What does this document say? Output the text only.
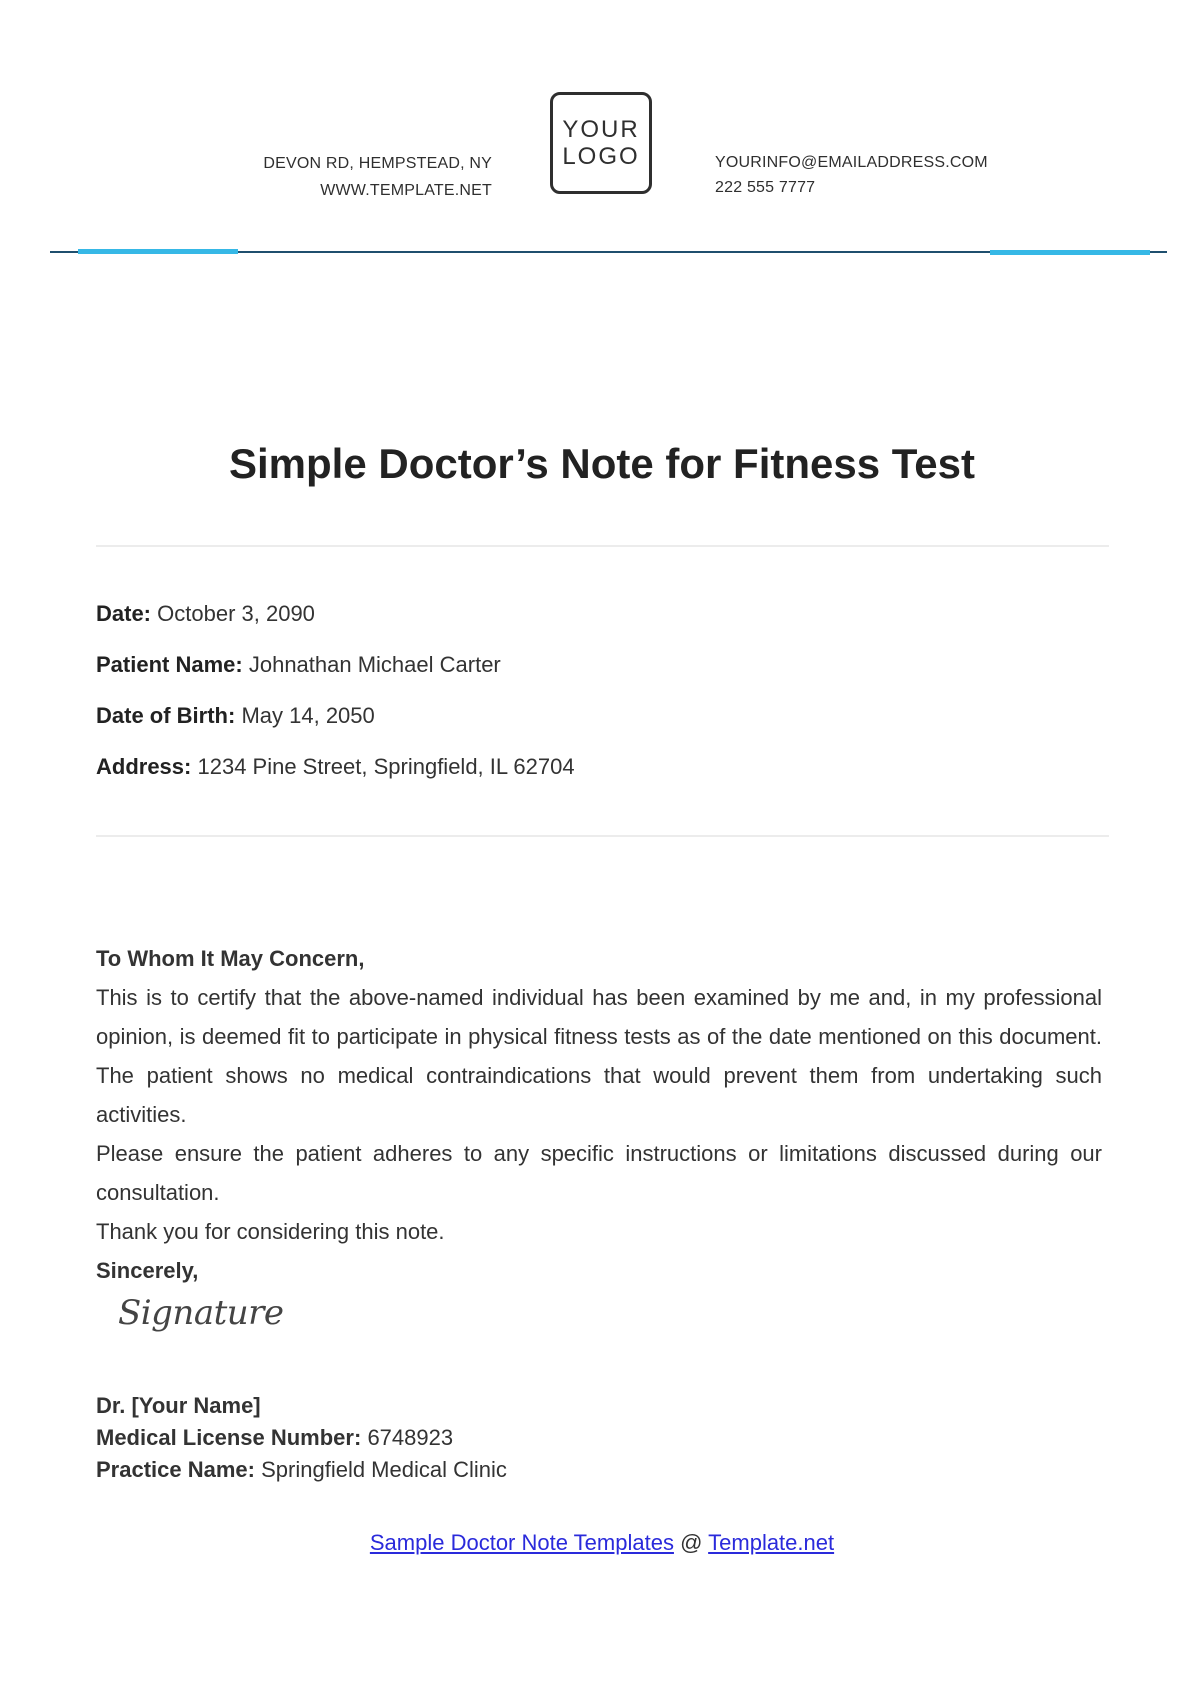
DEVON RD, HEMPSTEAD, NY
WWW.TEMPLATE.NET
YOUR
LOGO	YOURINFO@EMAILADDRESS.COM
222 555 7777
Simple Doctor’s Note for Fitness Test
Date: October 3, 2090
Patient Name: Johnathan Michael Carter
Date of Birth: May 14, 2050
Address: 1234 Pine Street, Springfield, IL 62704

To Whom It May Concern,

This is to certify that the above-named individual has been examined by me and, in my professional opinion, is deemed fit to participate in physical fitness tests as of the date mentioned on this document. The patient shows no medical contraindications that would prevent them from undertaking such activities.

Please ensure the patient adheres to any specific instructions or limitations discussed during our consultation.

Thank you for considering this note.

Sincerely,

Signature
Dr. [Your Name]
Medical License Number: 6748923
Practice Name: Springfield Medical Clinic
Sample Doctor Note Templates @ Template.net
